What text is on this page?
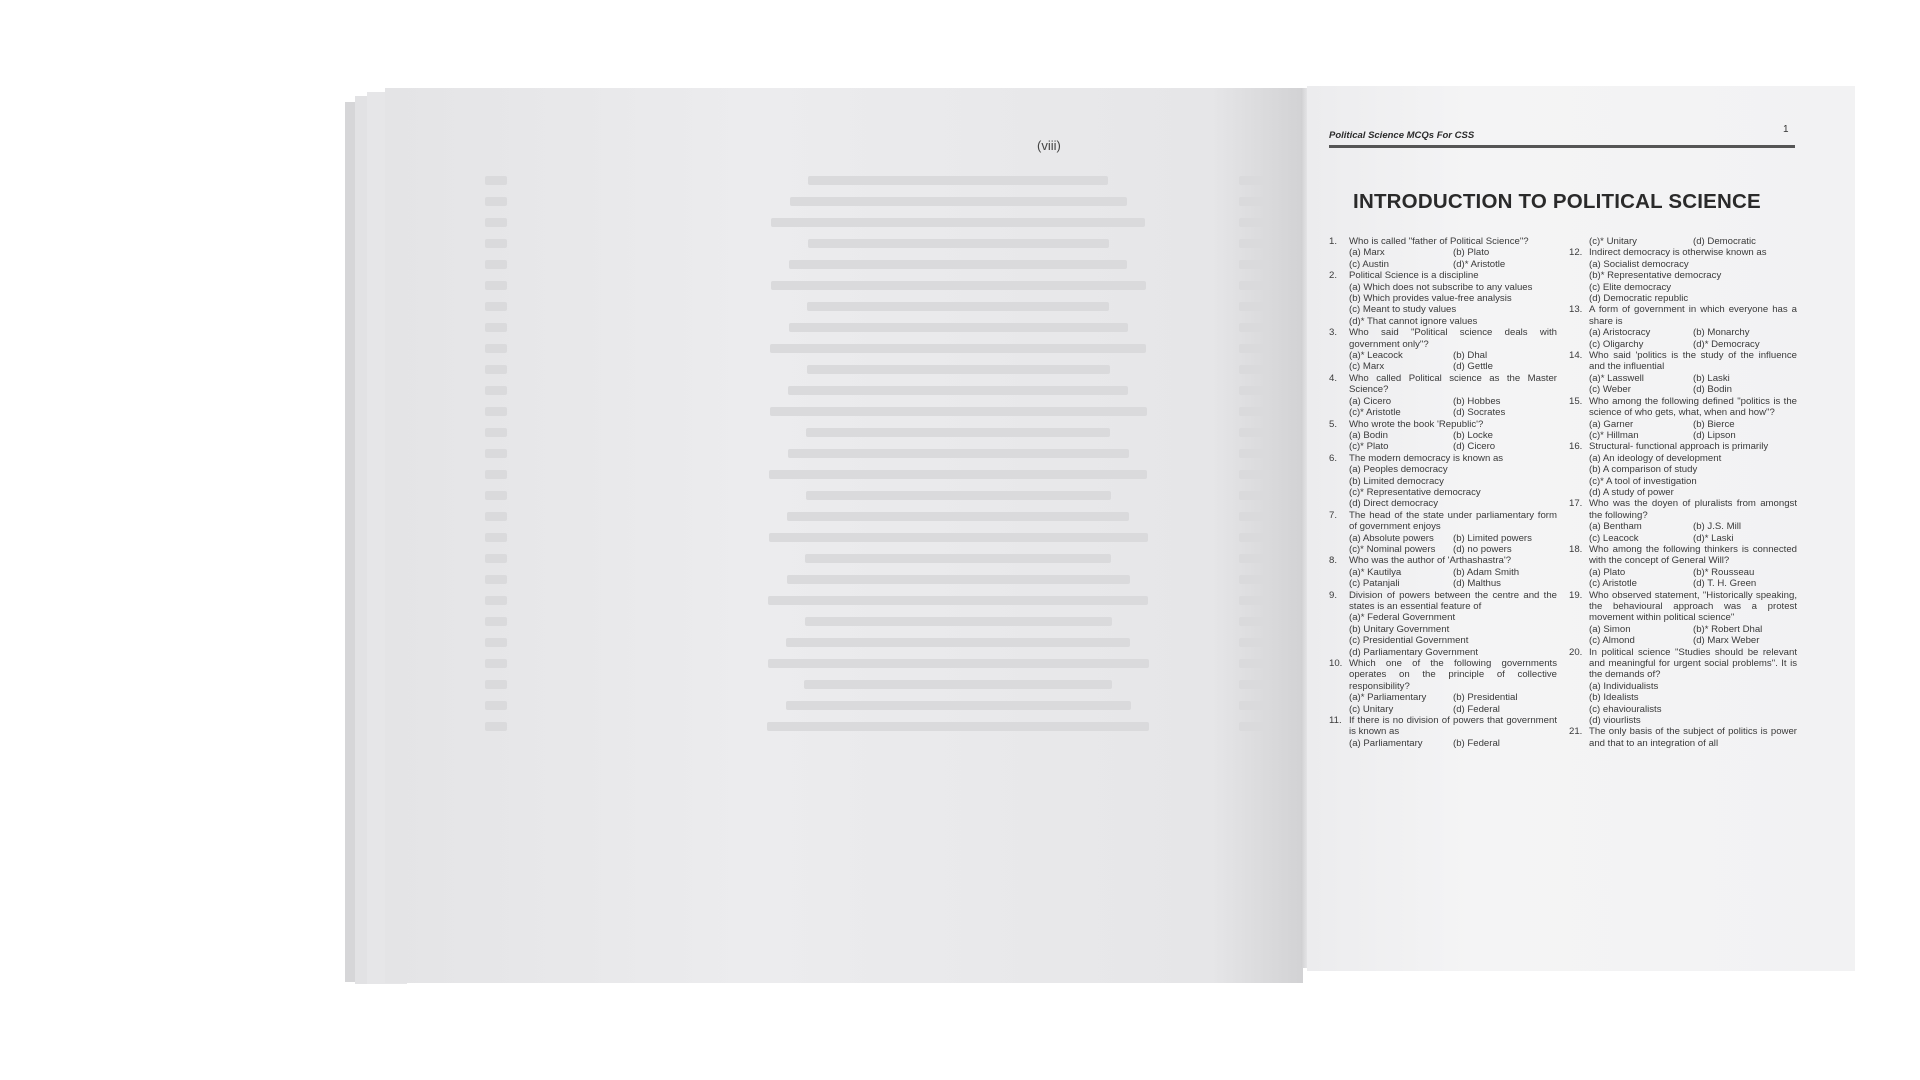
(viii)
Political Science MCQs For CSS
1
INTRODUCTION TO POLITICAL SCIENCE
1.	Who is called "father of Political Science"?
(a) Marx	(b) Plato
(c) Austin	(d)* Aristotle
2.	Political Science is a discipline
(a) Which does not subscribe to any values
(b) Which provides value-free analysis
(c) Meant to study values
(d)* That cannot ignore values
3.	Who said "Political science deals with government only"?
(a)* Leacock	(b) Dhal
(c) Marx	(d) Gettle
4.	Who called Political science as the Master Science?
(a) Cicero	(b) Hobbes
(c)* Aristotle	(d) Socrates
5.	Who wrote the book 'Republic'?
(a) Bodin	(b) Locke
(c)* Plato	(d) Cicero
6.	The modern democracy is known as
(a) Peoples democracy
(b) Limited democracy
(c)* Representative democracy
(d) Direct democracy
7.	The head of the state under parliamentary form of government enjoys
(a) Absolute powers	(b) Limited powers
(c)* Nominal powers	(d) no powers
8.	Who was the author of 'Arthashastra'?
(a)* Kautilya	(b) Adam Smith
(c) Patanjali	(d) Malthus
9.	Division of powers between the centre and the states is an essential feature of
(a)* Federal Government
(b) Unitary Government
(c) Presidential Government
(d) Parliamentary Government
10. Which one of the following governments operates on the principle of collective responsibility?
(a)* Parliamentary	(b) Presidential
(c) Unitary	(d) Federal
11. If there is no division of powers that government is known as
(a) Parliamentary	(b) Federal
(c)* Unitary	(d) Democratic
12. Indirect democracy is otherwise known as
(a) Socialist democracy
(b)* Representative democracy
(c) Elite democracy
(d) Democratic republic
13. A form of government in which everyone has a share is
(a) Aristocracy	(b) Monarchy
(c) Oligarchy	(d)* Democracy
14. Who said 'politics is the study of the influence and the influential
(a)* Lasswell	(b) Laski
(c) Weber	(d) Bodin
15. Who among the following defined "politics is the science of who gets, what, when and how"?
(a) Garner	(b) Bierce
(c)* Hillman	(d) Lipson
16. Structural- functional approach is primarily
(a) An ideology of development
(b) A comparison of study
(c)* A tool of investigation
(d) A study of power
17. Who was the doyen of pluralists from amongst the following?
(a) Bentham	(b) J.S. Mill
(c) Leacock	(d)* Laski
18. Who among the following thinkers is connected with the concept of General Will?
(a) Plato	(b)* Rousseau
(c) Aristotle	(d) T. H. Green
19. Who observed statement, "Historically speaking, the behavioural approach was a protest movement within political science"
(a) Simon	(b)* Robert Dhal
(c) Almond	(d) Marx Weber
20. In political science "Studies should be relevant and meaningful for urgent social problems". It is the demands of?
(a) Individualists
(b) Idealists
(c) ehaviouralists
(d) viourlists
21. The only basis of the subject of politics is power and that to an integration of all
